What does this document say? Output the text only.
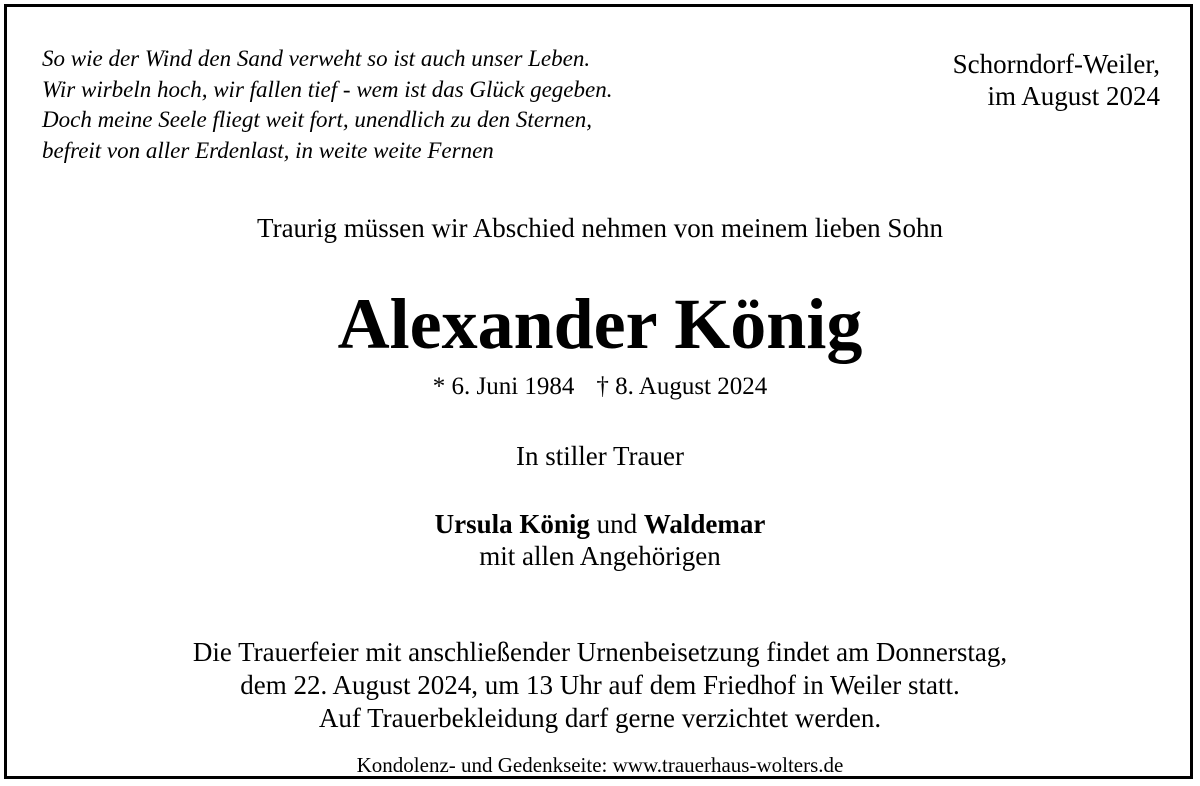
So wie der Wind den Sand verweht so ist auch unser Leben.
Wir wirbeln hoch, wir fallen tief - wem ist das Glück gegeben.
Doch meine Seele fliegt weit fort, unendlich zu den Sternen,
befreit von aller Erdenlast, in weite weite Fernen
Schorndorf-Weiler,
im August 2024
Traurig müssen wir Abschied nehmen von meinem lieben Sohn
Alexander König
* 6. Juni 1984 † 8. August 2024
In stiller Trauer
Ursula König und Waldemar
mit allen Angehörigen
Die Trauerfeier mit anschließender Urnenbeisetzung findet am Donnerstag,
dem 22. August 2024, um 13 Uhr auf dem Friedhof in Weiler statt.
Auf Trauerbekleidung darf gerne verzichtet werden.
Kondolenz- und Gedenkseite: www.trauerhaus-wolters.de
